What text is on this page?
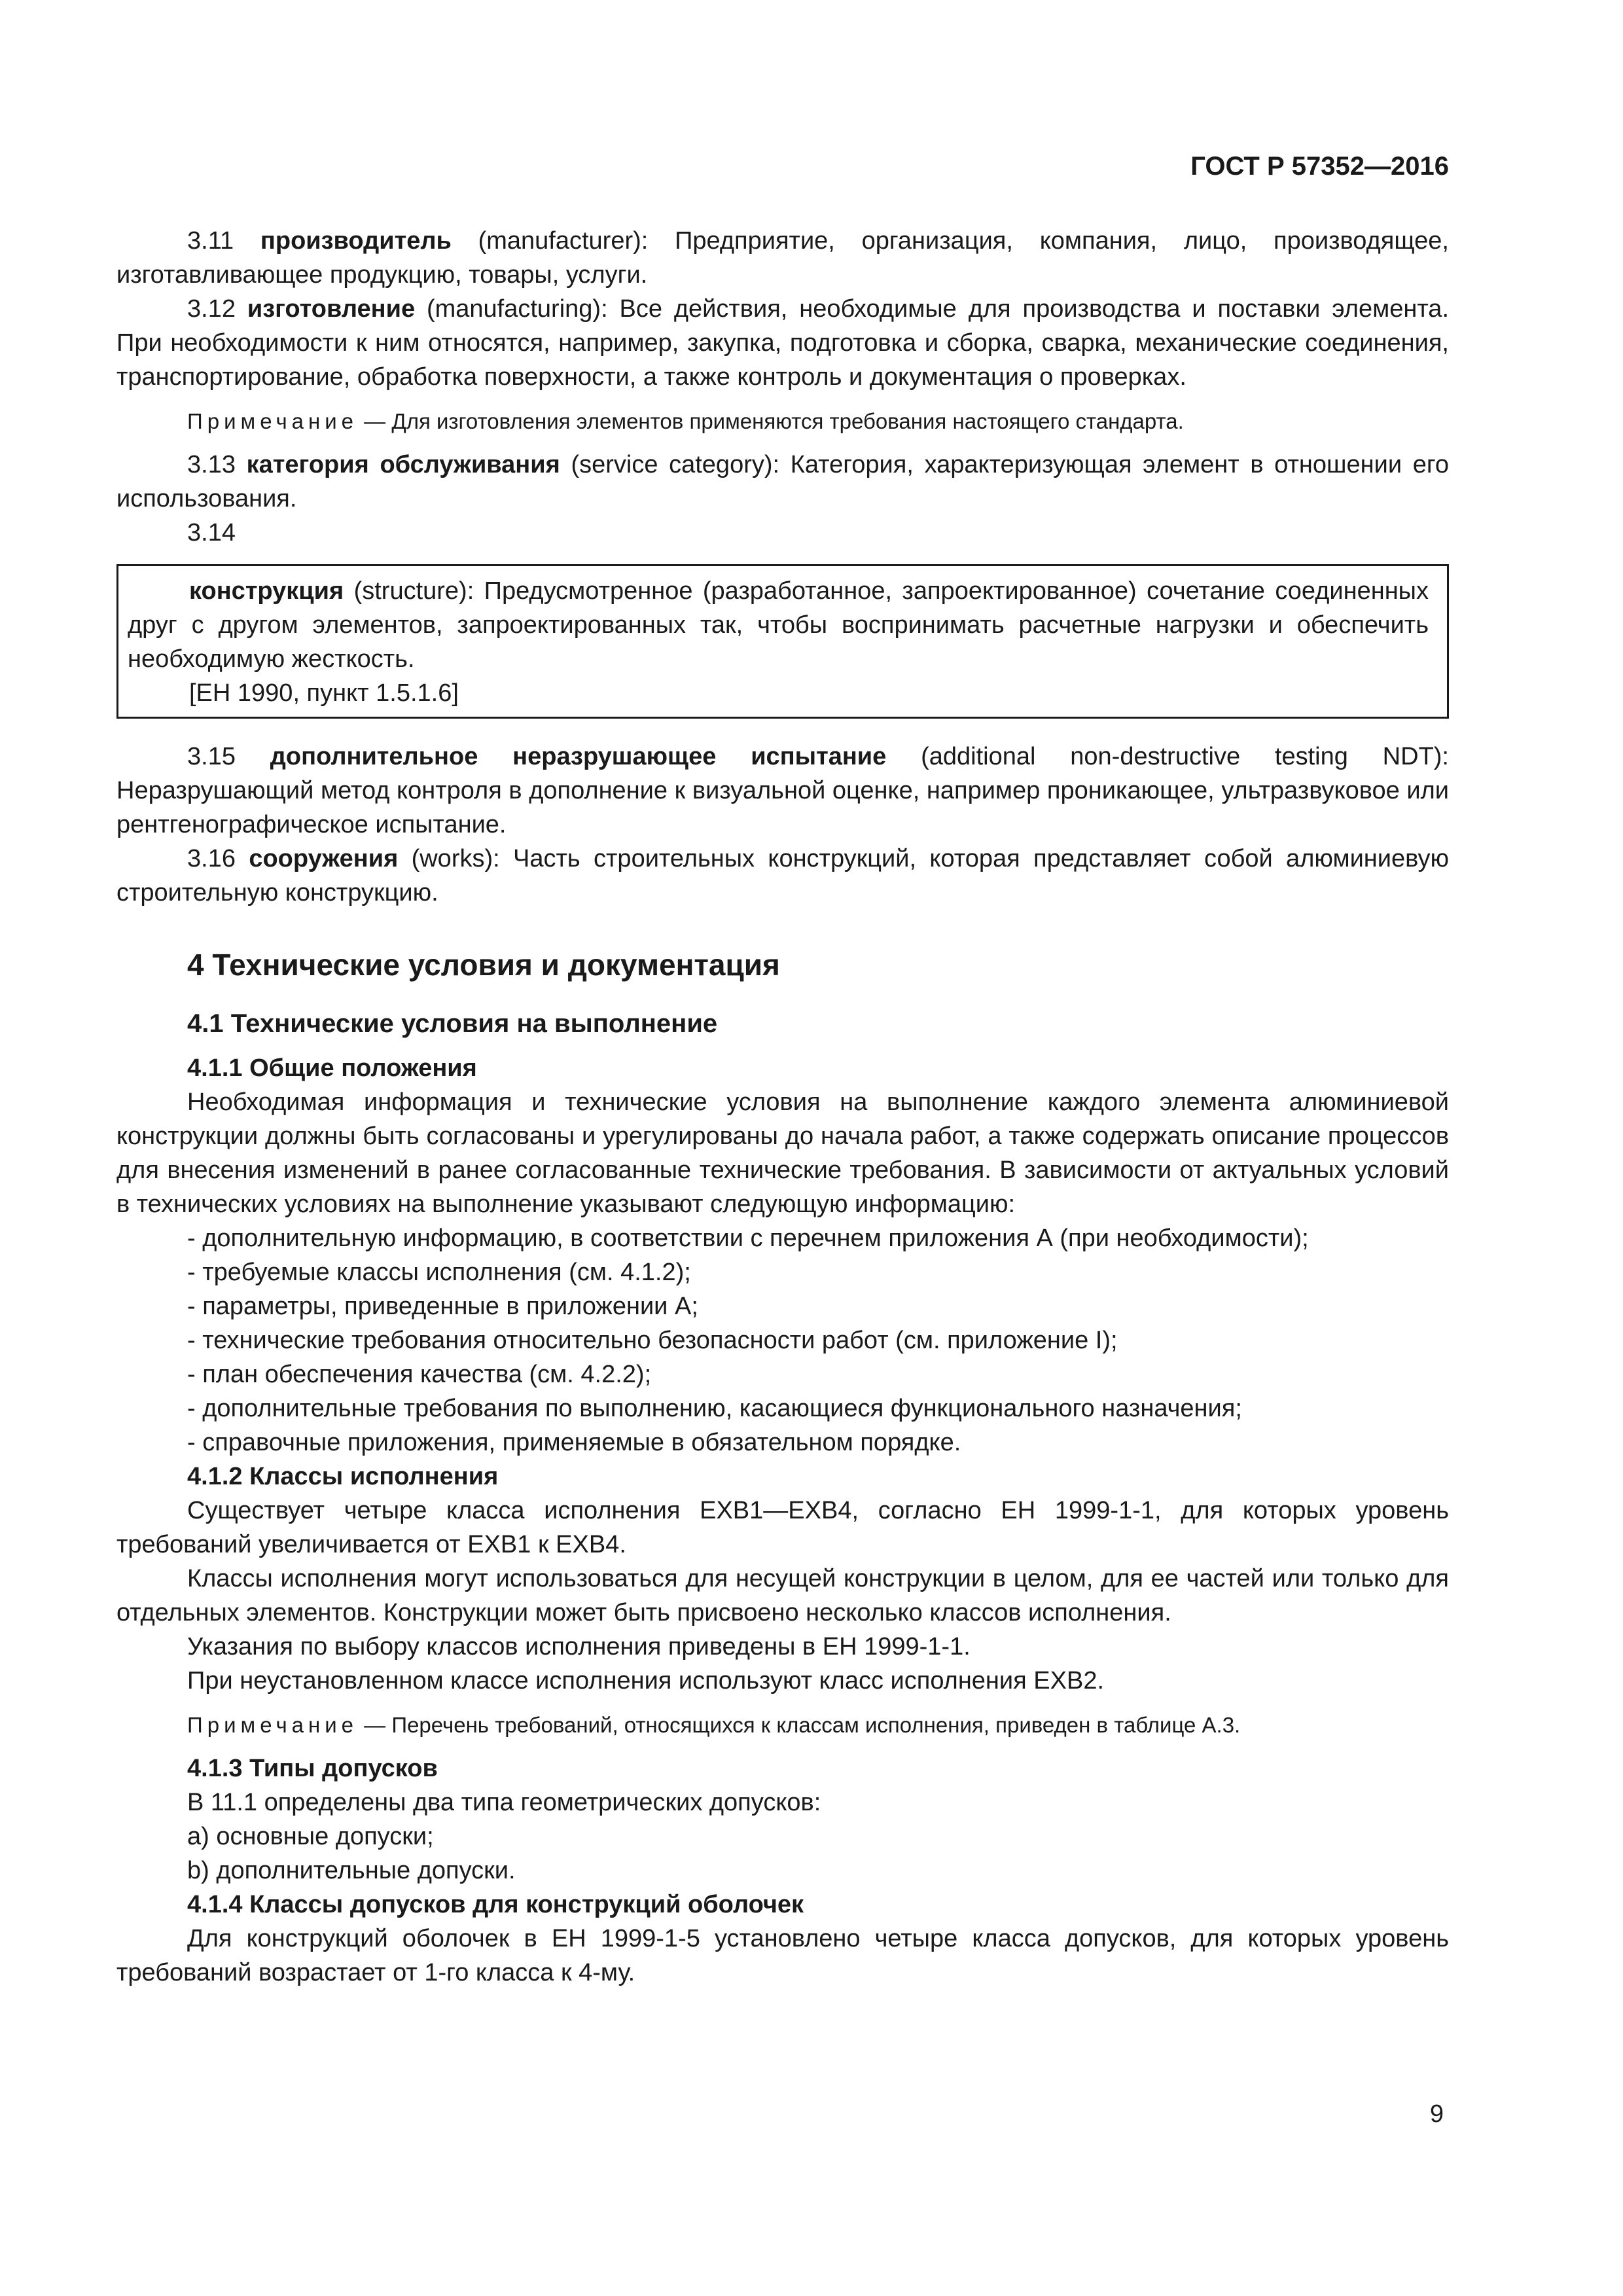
ГОСТ Р 57352—2016

3.11 производитель (manufacturer): Предприятие, организация, компания, лицо, производящее, изготавливающее продукцию, товары, услуги.

3.12 изготовление (manufacturing): Все действия, необходимые для производства и поставки элемента. При необходимости к ним относятся, например, закупка, подготовка и сборка, сварка, механические соединения, транспортирование, обработка поверхности, а также контроль и документация о проверках.

Примечание — Для изготовления элементов применяются требования настоящего стандарта.

3.13 категория обслуживания (service category): Категория, характеризующая элемент в отношении его использования.

3.14

конструкция (structure): Предусмотренное (разработанное, запроектированное) сочетание соединенных друг с другом элементов, запроектированных так, чтобы воспринимать расчетные нагрузки и обеспечить необходимую жесткость.

[ЕН 1990, пункт 1.5.1.6]

3.15 дополнительное неразрушающее испытание (additional non-destructive testing NDT): Неразрушающий метод контроля в дополнение к визуальной оценке, например проникающее, ультразвуковое или рентгенографическое испытание.

3.16 сооружения (works): Часть строительных конструкций, которая представляет собой алюминиевую строительную конструкцию.

4 Технические условия и документация
4.1 Технические условия на выполнение
4.1.1 Общие положения

Необходимая информация и технические условия на выполнение каждого элемента алюминиевой конструкции должны быть согласованы и урегулированы до начала работ, а также содержать описание процессов для внесения изменений в ранее согласованные технические требования. В зависимости от актуальных условий в технических условиях на выполнение указывают следующую информацию:

- дополнительную информацию, в соответствии с перечнем приложения А (при необходимости);
- требуемые классы исполнения (см. 4.1.2);
- параметры, приведенные в приложении А;
- технические требования относительно безопасности работ (см. приложение I);
- план обеспечения качества (см. 4.2.2);
- дополнительные требования по выполнению, касающиеся функционального назначения;
- справочные приложения, применяемые в обязательном порядке.
4.1.2 Классы исполнения

Существует четыре класса исполнения ЕХВ1—ЕХВ4, согласно ЕН 1999-1-1, для которых уровень требований увеличивается от ЕХВ1 к ЕХВ4.

Классы исполнения могут использоваться для несущей конструкции в целом, для ее частей или только для отдельных элементов. Конструкции может быть присвоено несколько классов исполнения.

Указания по выбору классов исполнения приведены в ЕН 1999-1-1.

При неустановленном классе исполнения используют класс исполнения ЕХВ2.

Примечание — Перечень требований, относящихся к классам исполнения, приведен в таблице А.3.

4.1.3 Типы допусков

В 11.1 определены два типа геометрических допусков:

а) основные допуски;

b) дополнительные допуски.

4.1.4 Классы допусков для конструкций оболочек

Для конструкций оболочек в ЕН 1999-1-5 установлено четыре класса допусков, для которых уровень требований возрастает от 1-го класса к 4-му.

9
